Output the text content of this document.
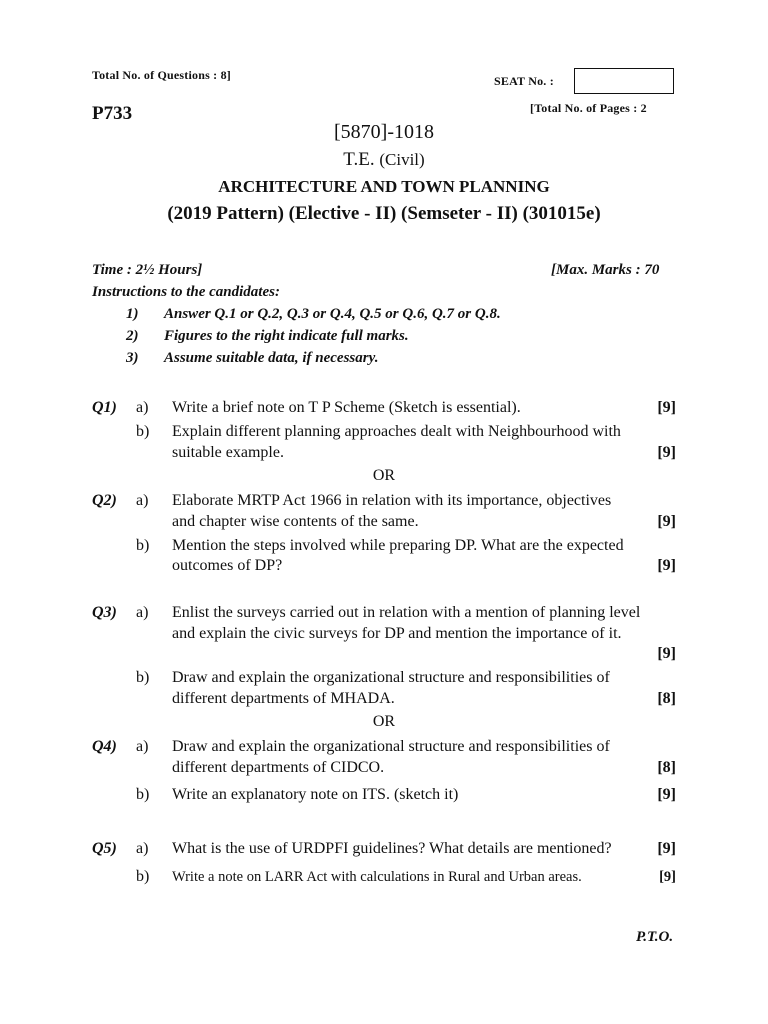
Total No. of Questions : 8]	SEAT No. :
P733	[Total No. of Pages : 2
[5870]-1018
T.E. (Civil)
ARCHITECTURE AND TOWN PLANNING
(2019 Pattern) (Elective - II) (Semseter - II) (301015e)
Time : 2½ Hours]	[Max. Marks : 70
Instructions to the candidates:
1) Answer Q.1 or Q.2, Q.3 or Q.4, Q.5 or Q.6, Q.7 or Q.8.
2) Figures to the right indicate full marks.
3) Assume suitable data, if necessary.
Q1) a) Write a brief note on T P Scheme (Sketch is essential).	[9]
b) Explain different planning approaches dealt with Neighbourhood with
suitable example.	[9]
OR
Q2) a) Elaborate MRTP Act 1966 in relation with its importance, objectives
and chapter wise contents of the same.	[9]
b) Mention the steps involved while preparing DP. What are the expected
outcomes of DP?	[9]
Q3) a) Enlist the surveys carried out in relation with a mention of planning level
and explain the civic surveys for DP and mention the importance of it.
[9]
b) Draw and explain the organizational structure and responsibilities of
different departments of MHADA.	[8]
OR
Q4) a) Draw and explain the organizational structure and responsibilities of
different departments of CIDCO.	[8]
b) Write an explanatory note on ITS. (sketch it)	[9]
Q5) a) What is the use of URDPFI guidelines? What details are mentioned?	[9]
b) Write a note on LARR Act with calculations in Rural and Urban areas.	[9]
P.T.O.
